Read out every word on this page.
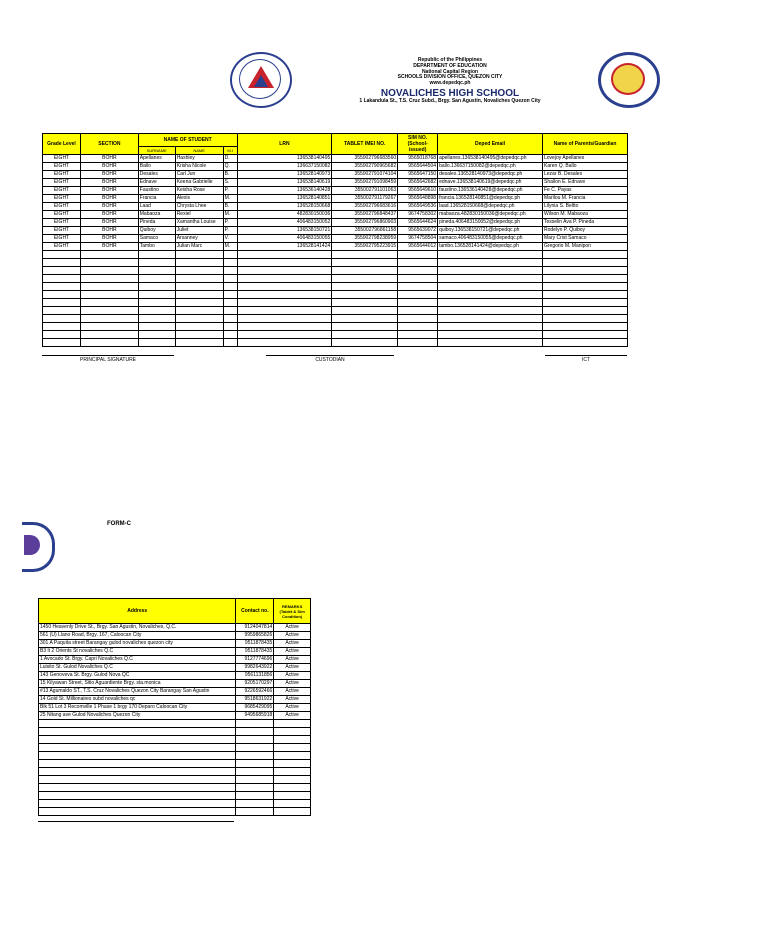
Republic of the Philippines
DEPARTMENT OF EDUCATION
National Capital Region
SCHOOLS DIVISION OFFICE, QUEZON CITY
www.depedqc.ph
NOVALICHES HIGH SCHOOL
1 Lakandula St., T.S. Cruz Subd., Brgy. San Agustin, Novaliches Quezon City
Grade Level	SECTION	NAME OF STUDENT			LRN	TABLET IMEI NO.	SIM NO. (School-issued)	Deped Email	Name of Parents/Guardian
		SURNAME	NAME	M.I					
EIGHT	BOHR	Apellanes	Hashley	D.	136538140495	355002796683560	9565018768	apellanes.136538140495@depedqc.ph	Lovejoy Apellanes
EIGHT	BOHR	Ballo	Krisha Nicole	Q.	136637150082	355002790965682	9565644504	ballo.136637150082@depedqc.ph	Karen Q. Ballo
EIGHT	BOHR	Desales	Carl Jun	B.	136528140973	355002791074104	9565647150	desales.136528140973@depedqc.ph	Lezar B. Desales
EIGHT	BOHR	Ednave	Keena Gabrielle	S.	136538140619	355002791098459	9565642682	ednave.136538140619@depedqc.ph	Shallon E. Ednave
EIGHT	BOHR	Faustino	Keisha Rose	P.	136536140428	355002791101063	9565649610	faustino.136536140428@depedqc.ph	Fe C. Payas
EIGHT	BOHR	Francia	Alexis	M.	136528140851	355002791179267	9565648898	francia.136528140851@depedqc.ph	Marilou M. Francia
EIGHT	BOHR	Laad	Chrysta Lhee	B.	136528150668	355002796683616	9565649536	laad.136528150668@depedqc.ph	Lilynia S. Beltto
EIGHT	BOHR	Mabaoza	Rexiel	M.	482830150036	355002796848437	9674758302	mabaoza.482830150036@depedqc.ph	Wilson M. Mabaoza
EIGHT	BOHR	Pineda	Xamantha Louise	P.	406483150052	355002796860903	9565644624	pineda.406483150052@depedqc.ph	Tesselin Ava P. Pineda
EIGHT	BOHR	Quiboy	Juliet	P.	136538150721	355002796861158	9565639072	quiboy.136538150721@depedqc.ph	Rodelyn P. Quiboy
EIGHT	BOHR	Samaco	Arsanney	V.	406483150055	355002798238959	9674758504	samaco.406483150055@depedqc.ph	Mary Crist Samaco
EIGHT	BOHR	Tambo	Julian Marc	M.	136528141424	355002795223915	9565644012	tambo.136528141424@depedqc.ph	Gregorio M. Manipon

PRINCIPAL SIGNATURE	CUSTODIAN	ICT
FORM-C
Address	Contact no.	REMARKS (Tablet & Sim Condition)
1450 Heavenly Drive St., Brgy. San Agustin, Novaliches, Q.C.	9124047814	Active
561 (U) Llano Road, Brgy. 167, Caloocan City	9959865826	Active
301 A Paquita street Barangay gulod novaliches quezon city	9511878435	Active
B3 lt 2 Orients St novaliches Q.C	9511878435	Active
1 Avocado St. Brgy. Capri Novaliches Q.C	9127774696	Active
Luisito St. Gulod Novaliches Q.C	9982643922	Active
143 Genoveva St. Brgy. Gulod Nova QC	9561131856	Active
15 Kilyawan Street, Sitio Aguardiente Brgy. sta.monica	9205170297	Active
#13 Agumaldo ST., T.S. Cruz Novaliches Quezon City Barangay San Agustin	9226592466	Active
14 Gold St. Millionaires subd novaliches qc	9518631922	Active
Blk 51 Lot 3 Recomville 1 Phase 1 brgy 170 Deparo Caloocan City	9685429095	Active
25 Nitang ave Gulod Novaliches Quezon City	9495685918	Active
